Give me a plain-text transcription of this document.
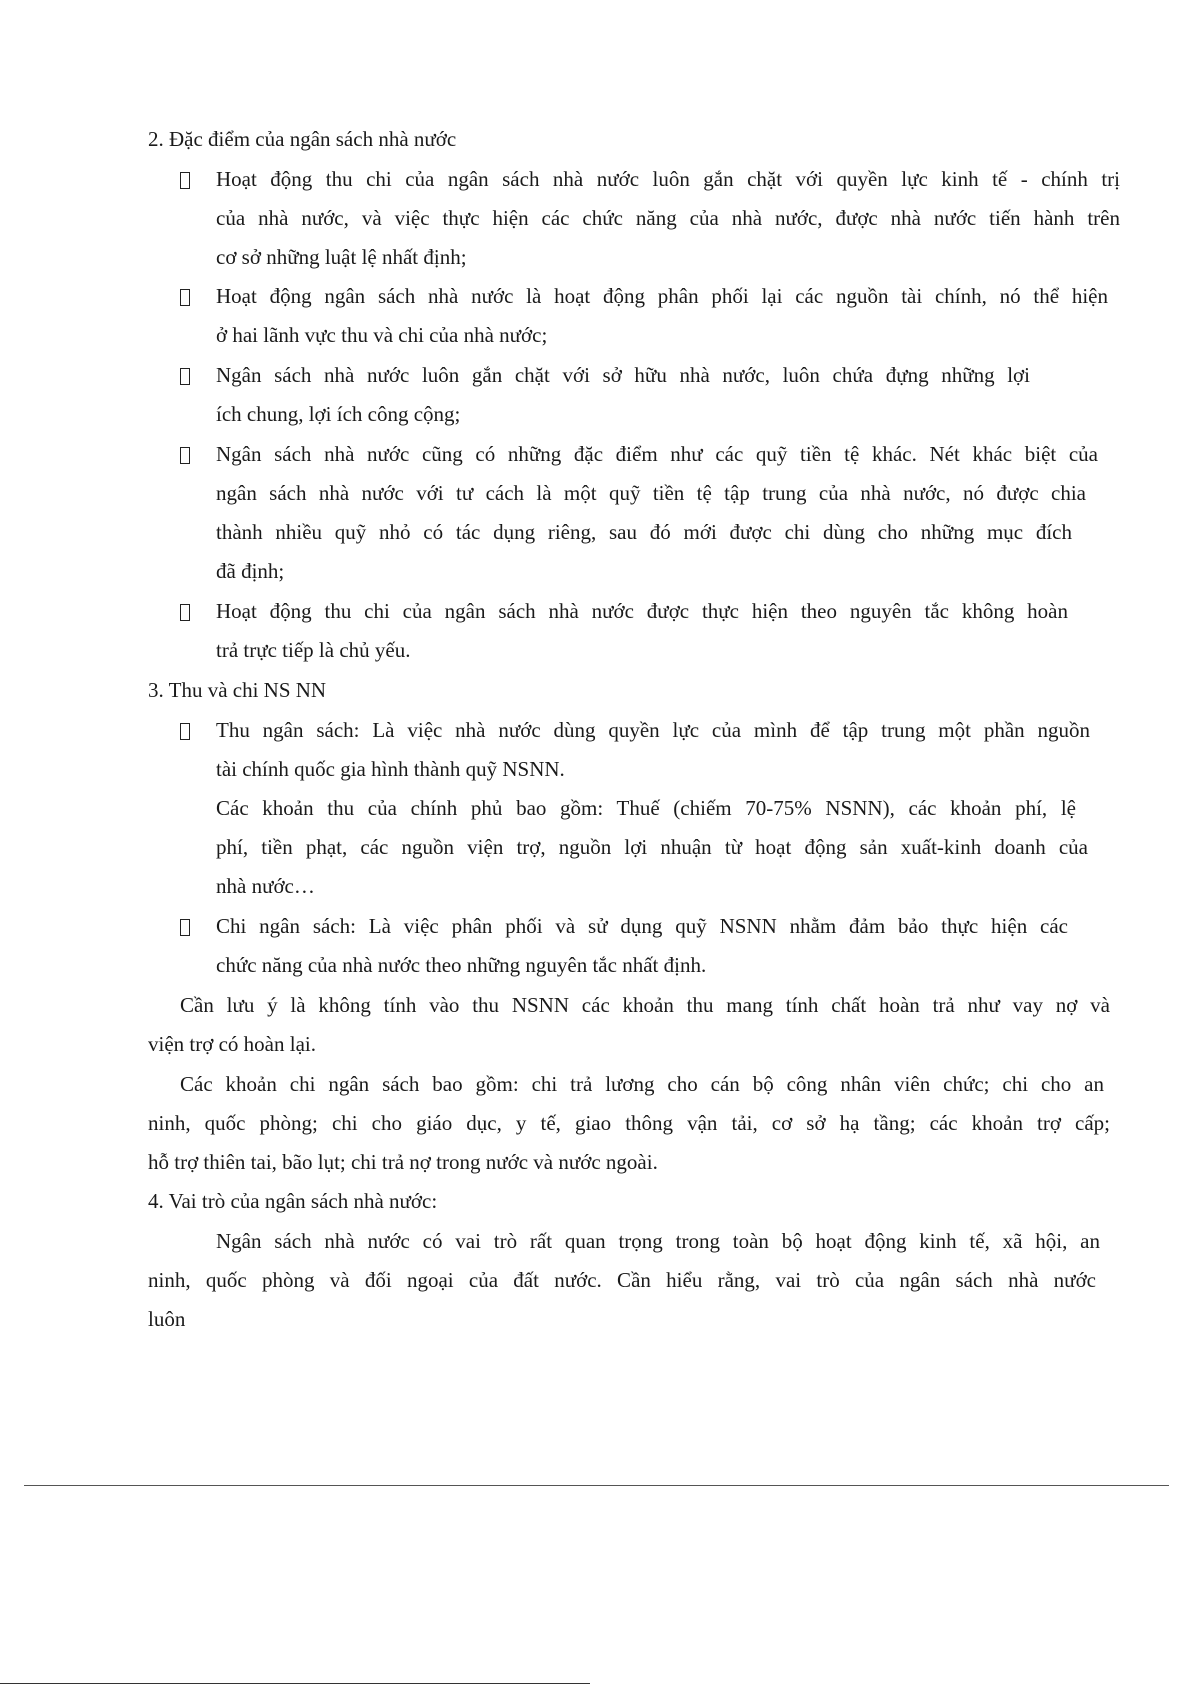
2. Đặc điểm của ngân sách nhà nước
Hoạt động thu chi của ngân sách nhà nước luôn gắn chặt với quyền lực kinh tế - chính trị
của nhà nước, và việc thực hiện các chức năng của nhà nước, được nhà nước tiến hành trên
cơ sở những luật lệ nhất định;
Hoạt động ngân sách nhà nước là hoạt động phân phối lại các nguồn tài chính, nó thể hiện
ở hai lãnh vực thu và chi của nhà nước;
Ngân sách nhà nước luôn gắn chặt với sở hữu nhà nước, luôn chứa đựng những lợi
ích chung, lợi ích công cộng;
Ngân sách nhà nước cũng có những đặc điểm như các quỹ tiền tệ khác. Nét khác biệt của
ngân sách nhà nước với tư cách là một quỹ tiền tệ tập trung của nhà nước, nó được chia
thành nhiều quỹ nhỏ có tác dụng riêng, sau đó mới được chi dùng cho những mục đích
đã định;
Hoạt động thu chi của ngân sách nhà nước được thực hiện theo nguyên tắc không hoàn
trả trực tiếp là chủ yếu.
3. Thu và chi NS NN
Thu ngân sách: Là việc nhà nước dùng quyền lực của mình để tập trung một phần nguồn
tài chính quốc gia hình thành quỹ NSNN.
Các khoản thu của chính phủ bao gồm: Thuế (chiếm 70-75% NSNN), các khoản phí, lệ
phí, tiền phạt, các nguồn viện trợ, nguồn lợi nhuận từ hoạt động sản xuất-kinh doanh của
nhà nước…
Chi ngân sách: Là việc phân phối và sử dụng quỹ NSNN nhằm đảm bảo thực hiện các
chức năng của nhà nước theo những nguyên tắc nhất định.
Cần lưu ý là không tính vào thu NSNN các khoản thu mang tính chất hoàn trả như vay nợ và
viện trợ có hoàn lại.
Các khoản chi ngân sách bao gồm: chi trả lương cho cán bộ công nhân viên chức; chi cho an
ninh, quốc phòng; chi cho giáo dục, y tế, giao thông vận tải, cơ sở hạ tầng; các khoản trợ cấp;
hỗ trợ thiên tai, bão lụt; chi trả nợ trong nước và nước ngoài.
4. Vai trò của ngân sách nhà nước:
Ngân sách nhà nước có vai trò rất quan trọng trong toàn bộ hoạt động kinh tế, xã hội, an
ninh, quốc phòng và đối ngoại của đất nước. Cần hiểu rằng, vai trò của ngân sách nhà nước
luôn
